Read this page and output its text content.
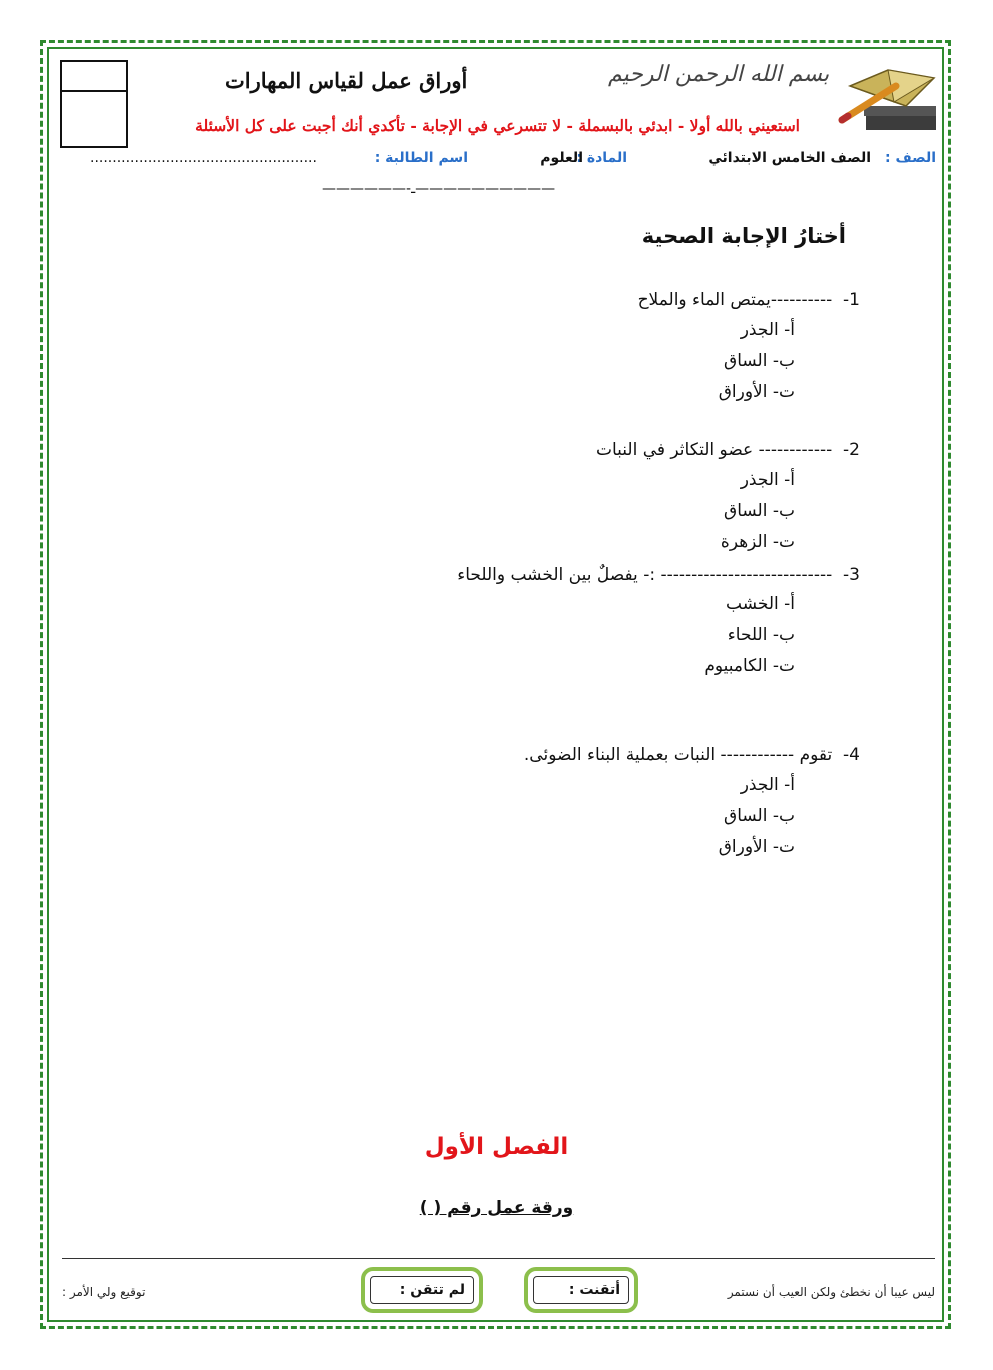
أوراق عمل لقياس المهارات	بسم الله الرحمن الرحيم
استعيني بالله أولا - ابدئي بالبسملة - لا تتسرعي في الإجابة - تأكدي أنك أجبت على كل الأسئلة
الصف :
الصف الخامس الابتدائي
المادة :
العلوم
اسم الطالبة :
...................................................
——————-ـ——————————
أختارُ الإجابة الصحية
1-  ----------يمتص الماء والملاح
أ- الجذر
ب- الساق
ت- الأوراق
2-  ------------ عضو التكاثر في النبات
أ- الجذر
ب- الساق
ت- الزهرة
3-  ---------------------------- :- يفصلٌ بين الخشب واللحاء
أ- الخشب
ب- اللحاء
ت- الكامبيوم
4-  تقوم ------------ النبات بعملية البناء الضوئى.
أ- الجذر
ب- الساق
ت- الأوراق
الفصل الأول
ورقة عمل رقم ( )
ليس عيبا أن نخطئ ولكن العيب أن نستمر
أتقنت :
لم تتقن :
توقيع ولي الأمر :
